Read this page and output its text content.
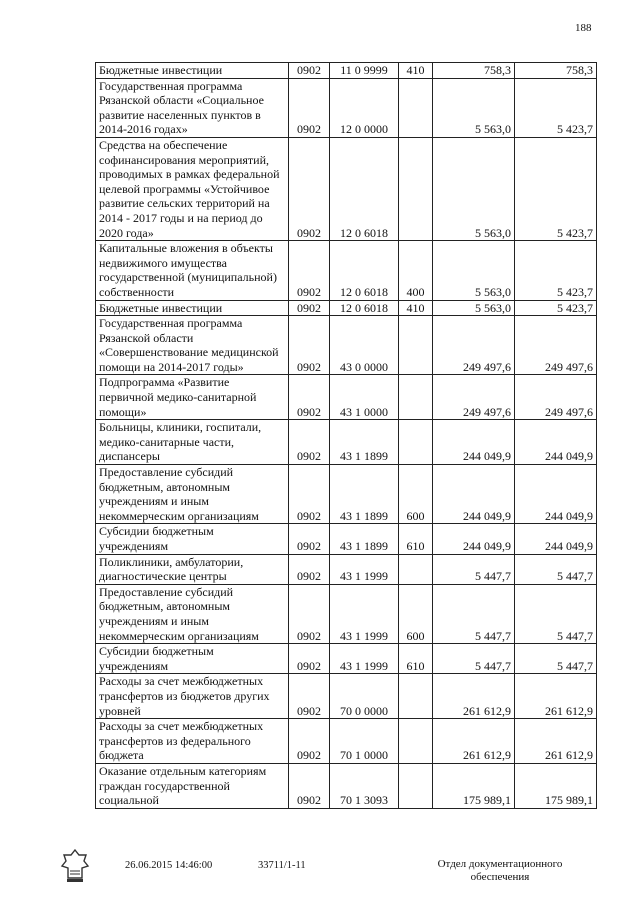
188
Бюджетные инвестиции	0902	11 0 9999	410	758,3	758,3
Государственная программа Рязанской области «Социальное развитие населенных пунктов в 2014-2016 годах»	0902	12 0 0000		5 563,0	5 423,7
Средства на обеспечение софинансирования мероприятий, проводимых в рамках федеральной целевой программы «Устойчивое развитие сельских территорий на 2014 - 2017 годы и на период до 2020 года»	0902	12 0 6018		5 563,0	5 423,7
Капитальные вложения в объекты недвижимого имущества государственной (муниципальной) собственности	0902	12 0 6018	400	5 563,0	5 423,7
Бюджетные инвестиции	0902	12 0 6018	410	5 563,0	5 423,7
Государственная программа Рязанской области «Совершенствование медицинской помощи на 2014-2017 годы»	0902	43 0 0000		249 497,6	249 497,6
Подпрограмма «Развитие первичной медико-санитарной помощи»	0902	43 1 0000		249 497,6	249 497,6
Больницы, клиники, госпитали, медико-санитарные части, диспансеры	0902	43 1 1899		244 049,9	244 049,9
Предоставление субсидий бюджетным, автономным учреждениям и иным некоммерческим организациям	0902	43 1 1899	600	244 049,9	244 049,9
Субсидии бюджетным учреждениям	0902	43 1 1899	610	244 049,9	244 049,9
Поликлиники, амбулатории, диагностические центры	0902	43 1 1999		5 447,7	5 447,7
Предоставление субсидий бюджетным, автономным учреждениям и иным некоммерческим организациям	0902	43 1 1999	600	5 447,7	5 447,7
Субсидии бюджетным учреждениям	0902	43 1 1999	610	5 447,7	5 447,7
Расходы за счет межбюджетных трансфертов из бюджетов других уровней	0902	70 0 0000		261 612,9	261 612,9
Расходы за счет межбюджетных трансфертов из федерального бюджета	0902	70 1 0000		261 612,9	261 612,9
Оказание отдельным категориям граждан государственной социальной	0902	70 1 3093		175 989,1	175 989,1
26.06.2015 14:46:00	33711/1-11	Отдел документационного обеспечения
